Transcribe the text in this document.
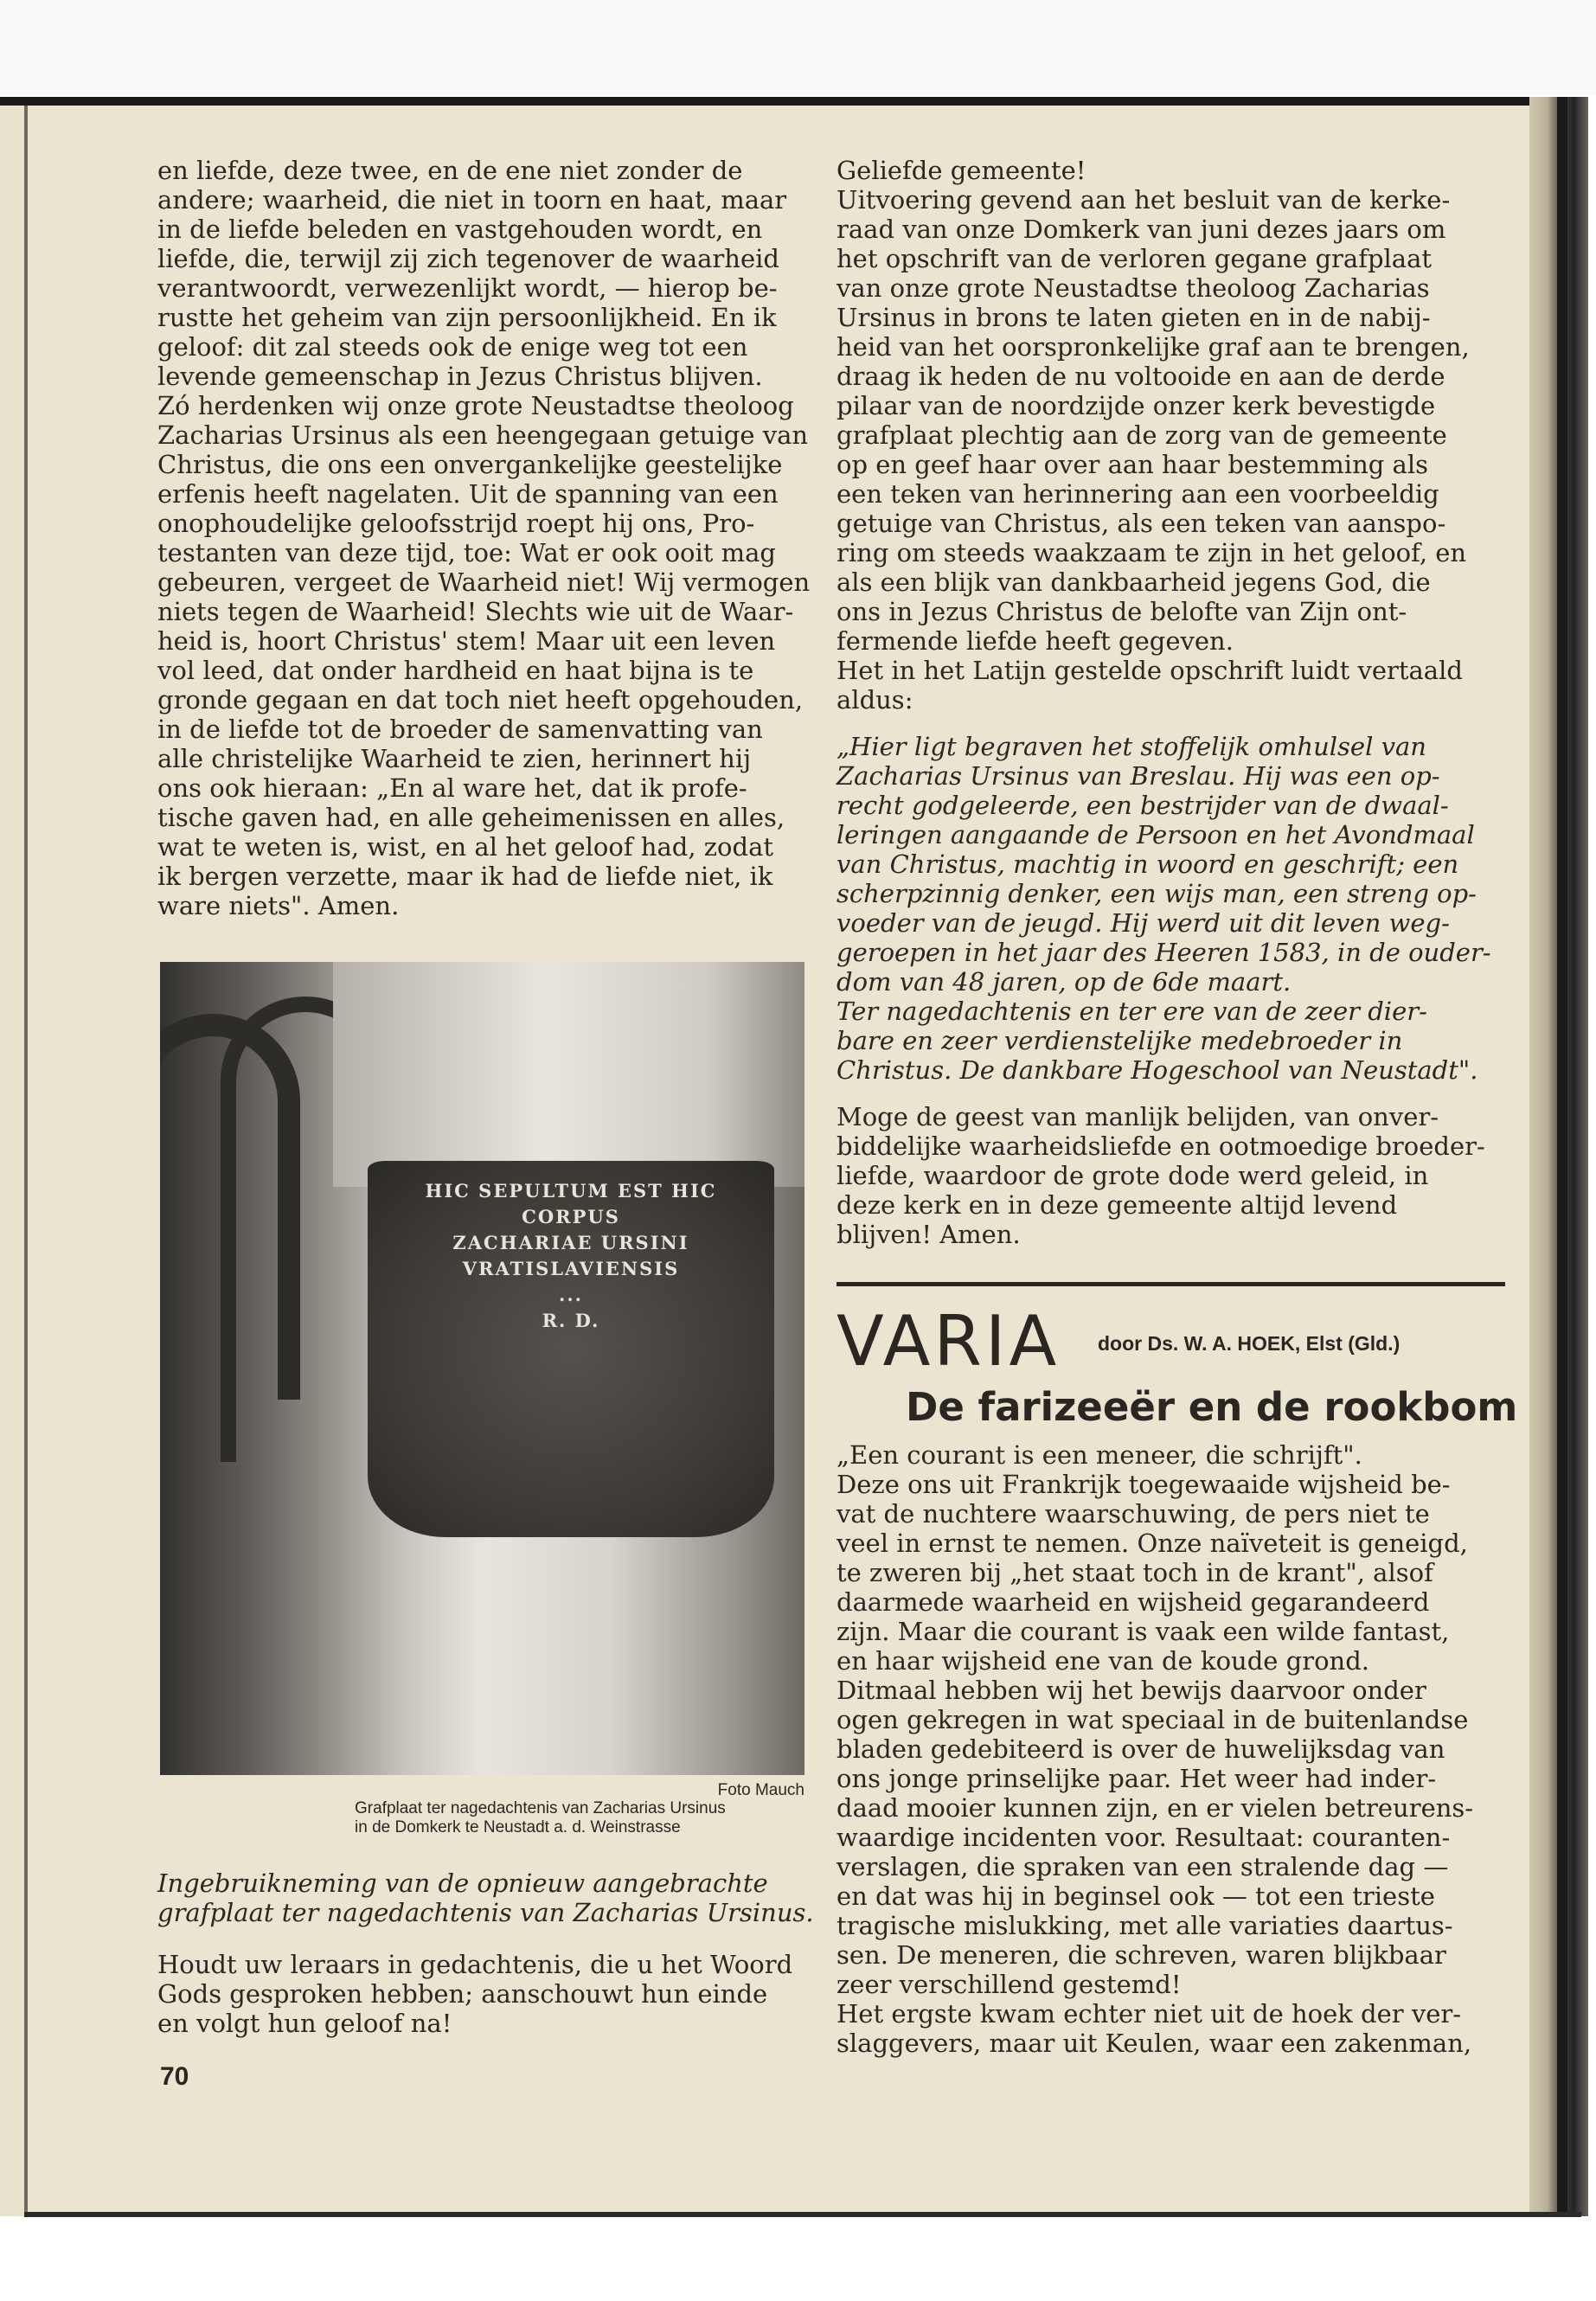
en liefde, deze twee, en de ene niet zonder de
andere; waarheid, die niet in toorn en haat, maar
in de liefde beleden en vastgehouden wordt, en
liefde, die, terwijl zij zich tegenover de waarheid
verantwoordt, verwezenlijkt wordt, — hierop be-
rustte het geheim van zijn persoonlijkheid. En ik
geloof: dit zal steeds ook de enige weg tot een
levende gemeenschap in Jezus Christus blijven.

Zó herdenken wij onze grote Neustadtse theoloog
Zacharias Ursinus als een heengegaan getuige van
Christus, die ons een onvergankelijke geestelijke
erfenis heeft nagelaten. Uit de spanning van een
onophoudelijke geloofsstrijd roept hij ons, Pro-
testanten van deze tijd, toe: Wat er ook ooit mag
gebeuren, vergeet de Waarheid niet! Wij vermogen
niets tegen de Waarheid! Slechts wie uit de Waar-
heid is, hoort Christus' stem! Maar uit een leven
vol leed, dat onder hardheid en haat bijna is te
gronde gegaan en dat toch niet heeft opgehouden,
in de liefde tot de broeder de samenvatting van
alle christelijke Waarheid te zien, herinnert hij
ons ook hieraan: „En al ware het, dat ik profe-
tische gaven had, en alle geheimenissen en alles,
wat te weten is, wist, en al het geloof had, zodat
ik bergen verzette, maar ik had de liefde niet, ik
ware niets". Amen.

HIC SEPULTUM EST HIC CORPUS
ZACHARIAE URSINI
VRATISLAVIENSIS
...
R. D.
Foto Mauch
Grafplaat ter nagedachtenis van Zacharias Ursinus
in de Domkerk te Neustadt a. d. Weinstrasse

Ingebruikneming van de opnieuw aangebrachte
grafplaat ter nagedachtenis van Zacharias Ursinus.

Houdt uw leraars in gedachtenis, die u het Woord
Gods gesproken hebben; aanschouwt hun einde
en volgt hun geloof na!

70

Geliefde gemeente!
Uitvoering gevend aan het besluit van de kerke-
raad van onze Domkerk van juni dezes jaars om
het opschrift van de verloren gegane grafplaat
van onze grote Neustadtse theoloog Zacharias
Ursinus in brons te laten gieten en in de nabij-
heid van het oorspronkelijke graf aan te brengen,
draag ik heden de nu voltooide en aan de derde
pilaar van de noordzijde onzer kerk bevestigde
grafplaat plechtig aan de zorg van de gemeente
op en geef haar over aan haar bestemming als
een teken van herinnering aan een voorbeeldig
getuige van Christus, als een teken van aanspo-
ring om steeds waakzaam te zijn in het geloof, en
als een blijk van dankbaarheid jegens God, die
ons in Jezus Christus de belofte van Zijn ont-
fermende liefde heeft gegeven.
Het in het Latijn gestelde opschrift luidt vertaald
aldus:

„Hier ligt begraven het stoffelijk omhulsel van
Zacharias Ursinus van Breslau. Hij was een op-
recht godgeleerde, een bestrijder van de dwaal-
leringen aangaande de Persoon en het Avondmaal
van Christus, machtig in woord en geschrift; een
scherpzinnig denker, een wijs man, een streng op-
voeder van de jeugd. Hij werd uit dit leven weg-
geroepen in het jaar des Heeren 1583, in de ouder-
dom van 48 jaren, op de 6de maart.
Ter nagedachtenis en ter ere van de zeer dier-
bare en zeer verdienstelijke medebroeder in
Christus. De dankbare Hogeschool van Neustadt".

Moge de geest van manlijk belijden, van onver-
biddelijke waarheidsliefde en ootmoedige broeder-
liefde, waardoor de grote dode werd geleid, in
deze kerk en in deze gemeente altijd levend
blijven! Amen.

VARIA door Ds. W. A. HOEK, Elst (Gld.)
De farizeeër en de rookbom

„Een courant is een meneer, die schrijft".
Deze ons uit Frankrijk toegewaaide wijsheid be-
vat de nuchtere waarschuwing, de pers niet te
veel in ernst te nemen. Onze naïveteit is geneigd,
te zweren bij „het staat toch in de krant", alsof
daarmede waarheid en wijsheid gegarandeerd
zijn. Maar die courant is vaak een wilde fantast,
en haar wijsheid ene van de koude grond.
Ditmaal hebben wij het bewijs daarvoor onder
ogen gekregen in wat speciaal in de buitenlandse
bladen gedebiteerd is over de huwelijksdag van
ons jonge prinselijke paar. Het weer had inder-
daad mooier kunnen zijn, en er vielen betreurens-
waardige incidenten voor. Resultaat: couranten-
verslagen, die spraken van een stralende dag —
en dat was hij in beginsel ook — tot een trieste
tragische mislukking, met alle variaties daartus-
sen. De meneren, die schreven, waren blijkbaar
zeer verschillend gestemd!
Het ergste kwam echter niet uit de hoek der ver-
slaggevers, maar uit Keulen, waar een zakenman,
